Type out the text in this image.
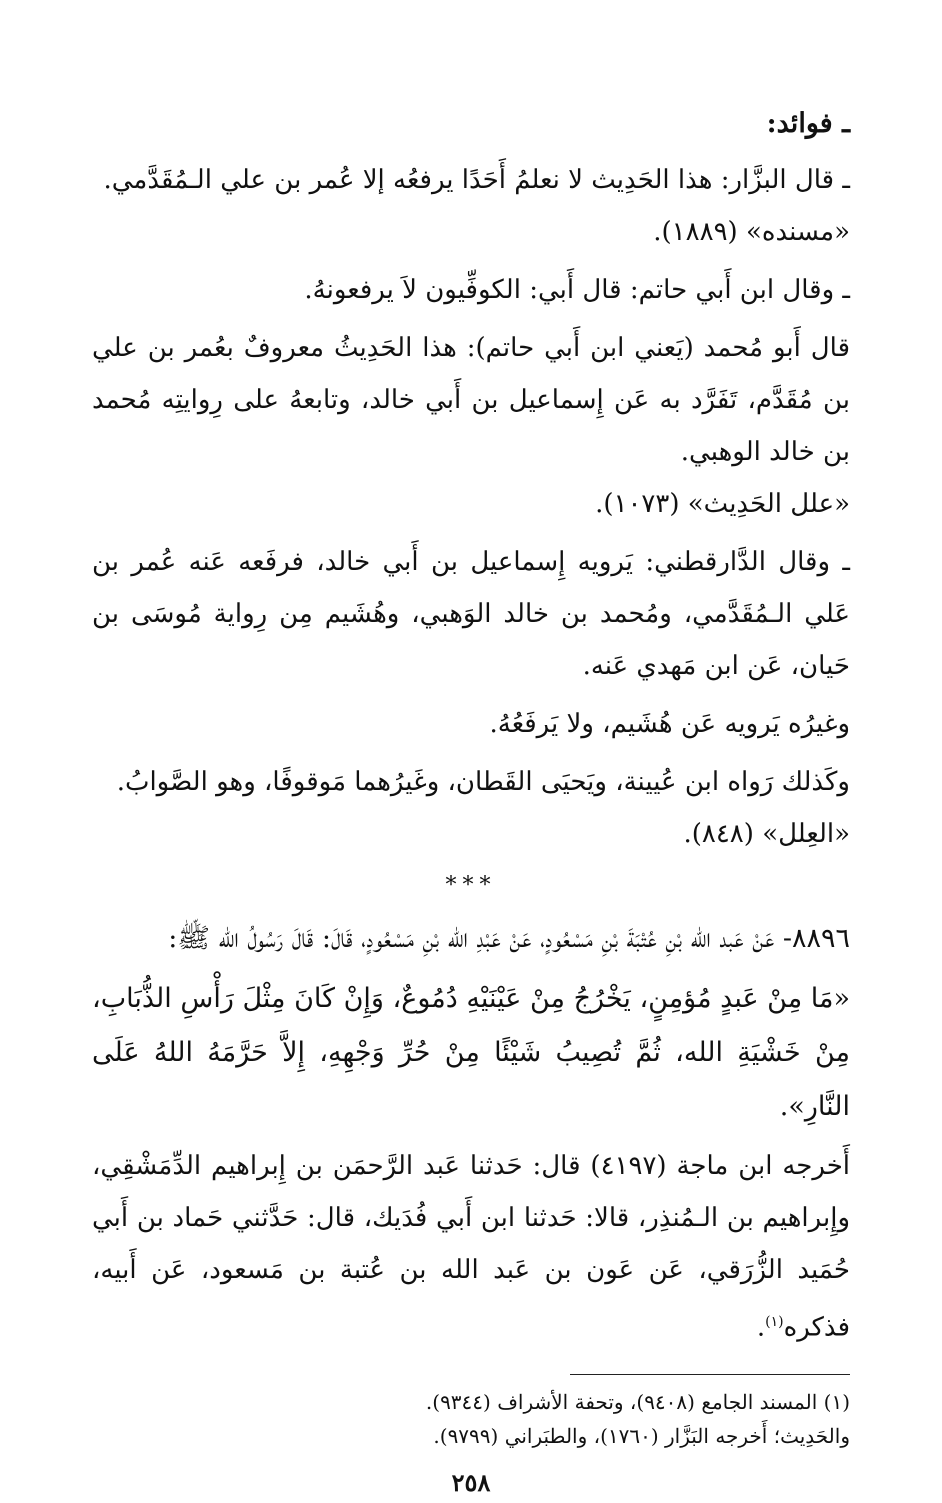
ـ فوائد:
ـ قال البزَّار: هذا الحَدِيث لا نعلمُ أَحَدًا يرفعُه إلا عُمر بن علي الـمُقَدَّمي.
«مسنده» (١٨٨٩).
ـ وقال ابن أَبي حاتم: قال أَبي: الكوفِّيون لاَ يرفعونهُ.
قال أَبو مُحمد (يَعني ابن أَبي حاتم): هذا الحَدِيثُ معروفٌ بعُمر بن علي بن مُقَدَّم، تَفَرَّد به عَن إِسماعيل بن أَبي خالد، وتابعهُ على رِوايتِه مُحمد بن خالد الوهبي.
«علل الحَدِيث» (١٠٧٣).
ـ وقال الدَّارقطني: يَرويه إِسماعيل بن أَبي خالد، فرفَعه عَنه عُمر بن عَلي الـمُقَدَّمي، ومُحمد بن خالد الوَهبي، وهُشَيم مِن رِواية مُوسَى بن حَيان، عَن ابن مَهدي عَنه.
وغيرُه يَرويه عَن هُشَيم، ولا يَرفَعُهُ.
وكَذلك رَواه ابن عُيينة، ويَحيَى القَطان، وغَيرُهما مَوقوفًا، وهو الصَّوابُ.
«العِلل» (٨٤٨).
***
٨٨٩٦- عَنْ عَبد الله بْنِ عُتْبَةَ بْنِ مَسْعُودٍ، عَنْ عَبْدِ الله بْنِ مَسْعُودٍ، قَالَ: قَالَ رَسُولُ الله ﷺ:
«مَا مِنْ عَبدٍ مُؤمِنٍ، يَخْرُجُ مِنْ عَيْنَيْهِ دُمُوعٌ، وَإِنْ كَانَ مِثْلَ رَأْسِ الذُّبَابِ، مِنْ خَشْيَةِ الله، ثُمَّ تُصِيبُ شَيْئًا مِنْ حُرِّ وَجْهِهِ، إِلاَّ حَرَّمَهُ اللهُ عَلَى النَّارِ».
أَخرجه ابن ماجة (٤١٩٧) قال: حَدثنا عَبد الرَّحمَن بن إِبراهيم الدِّمَشْقِي، وإِبراهيم بن الـمُنذِر، قالا: حَدثنا ابن أَبي فُدَيك، قال: حَدَّثني حَماد بن أَبي حُمَيد الزُّرَقي، عَن عَون بن عَبد الله بن عُتبة بن مَسعود، عَن أَبيه، فذكره$^{(١)}$.

(١) المسند الجامع (٩٤٠٨)، وتحفة الأشراف (٩٣٤٤).

والحَدِيث؛ أَخرجه البَزَّار (١٧٦٠)، والطبَراني (٩٧٩٩).

٢٥٨
